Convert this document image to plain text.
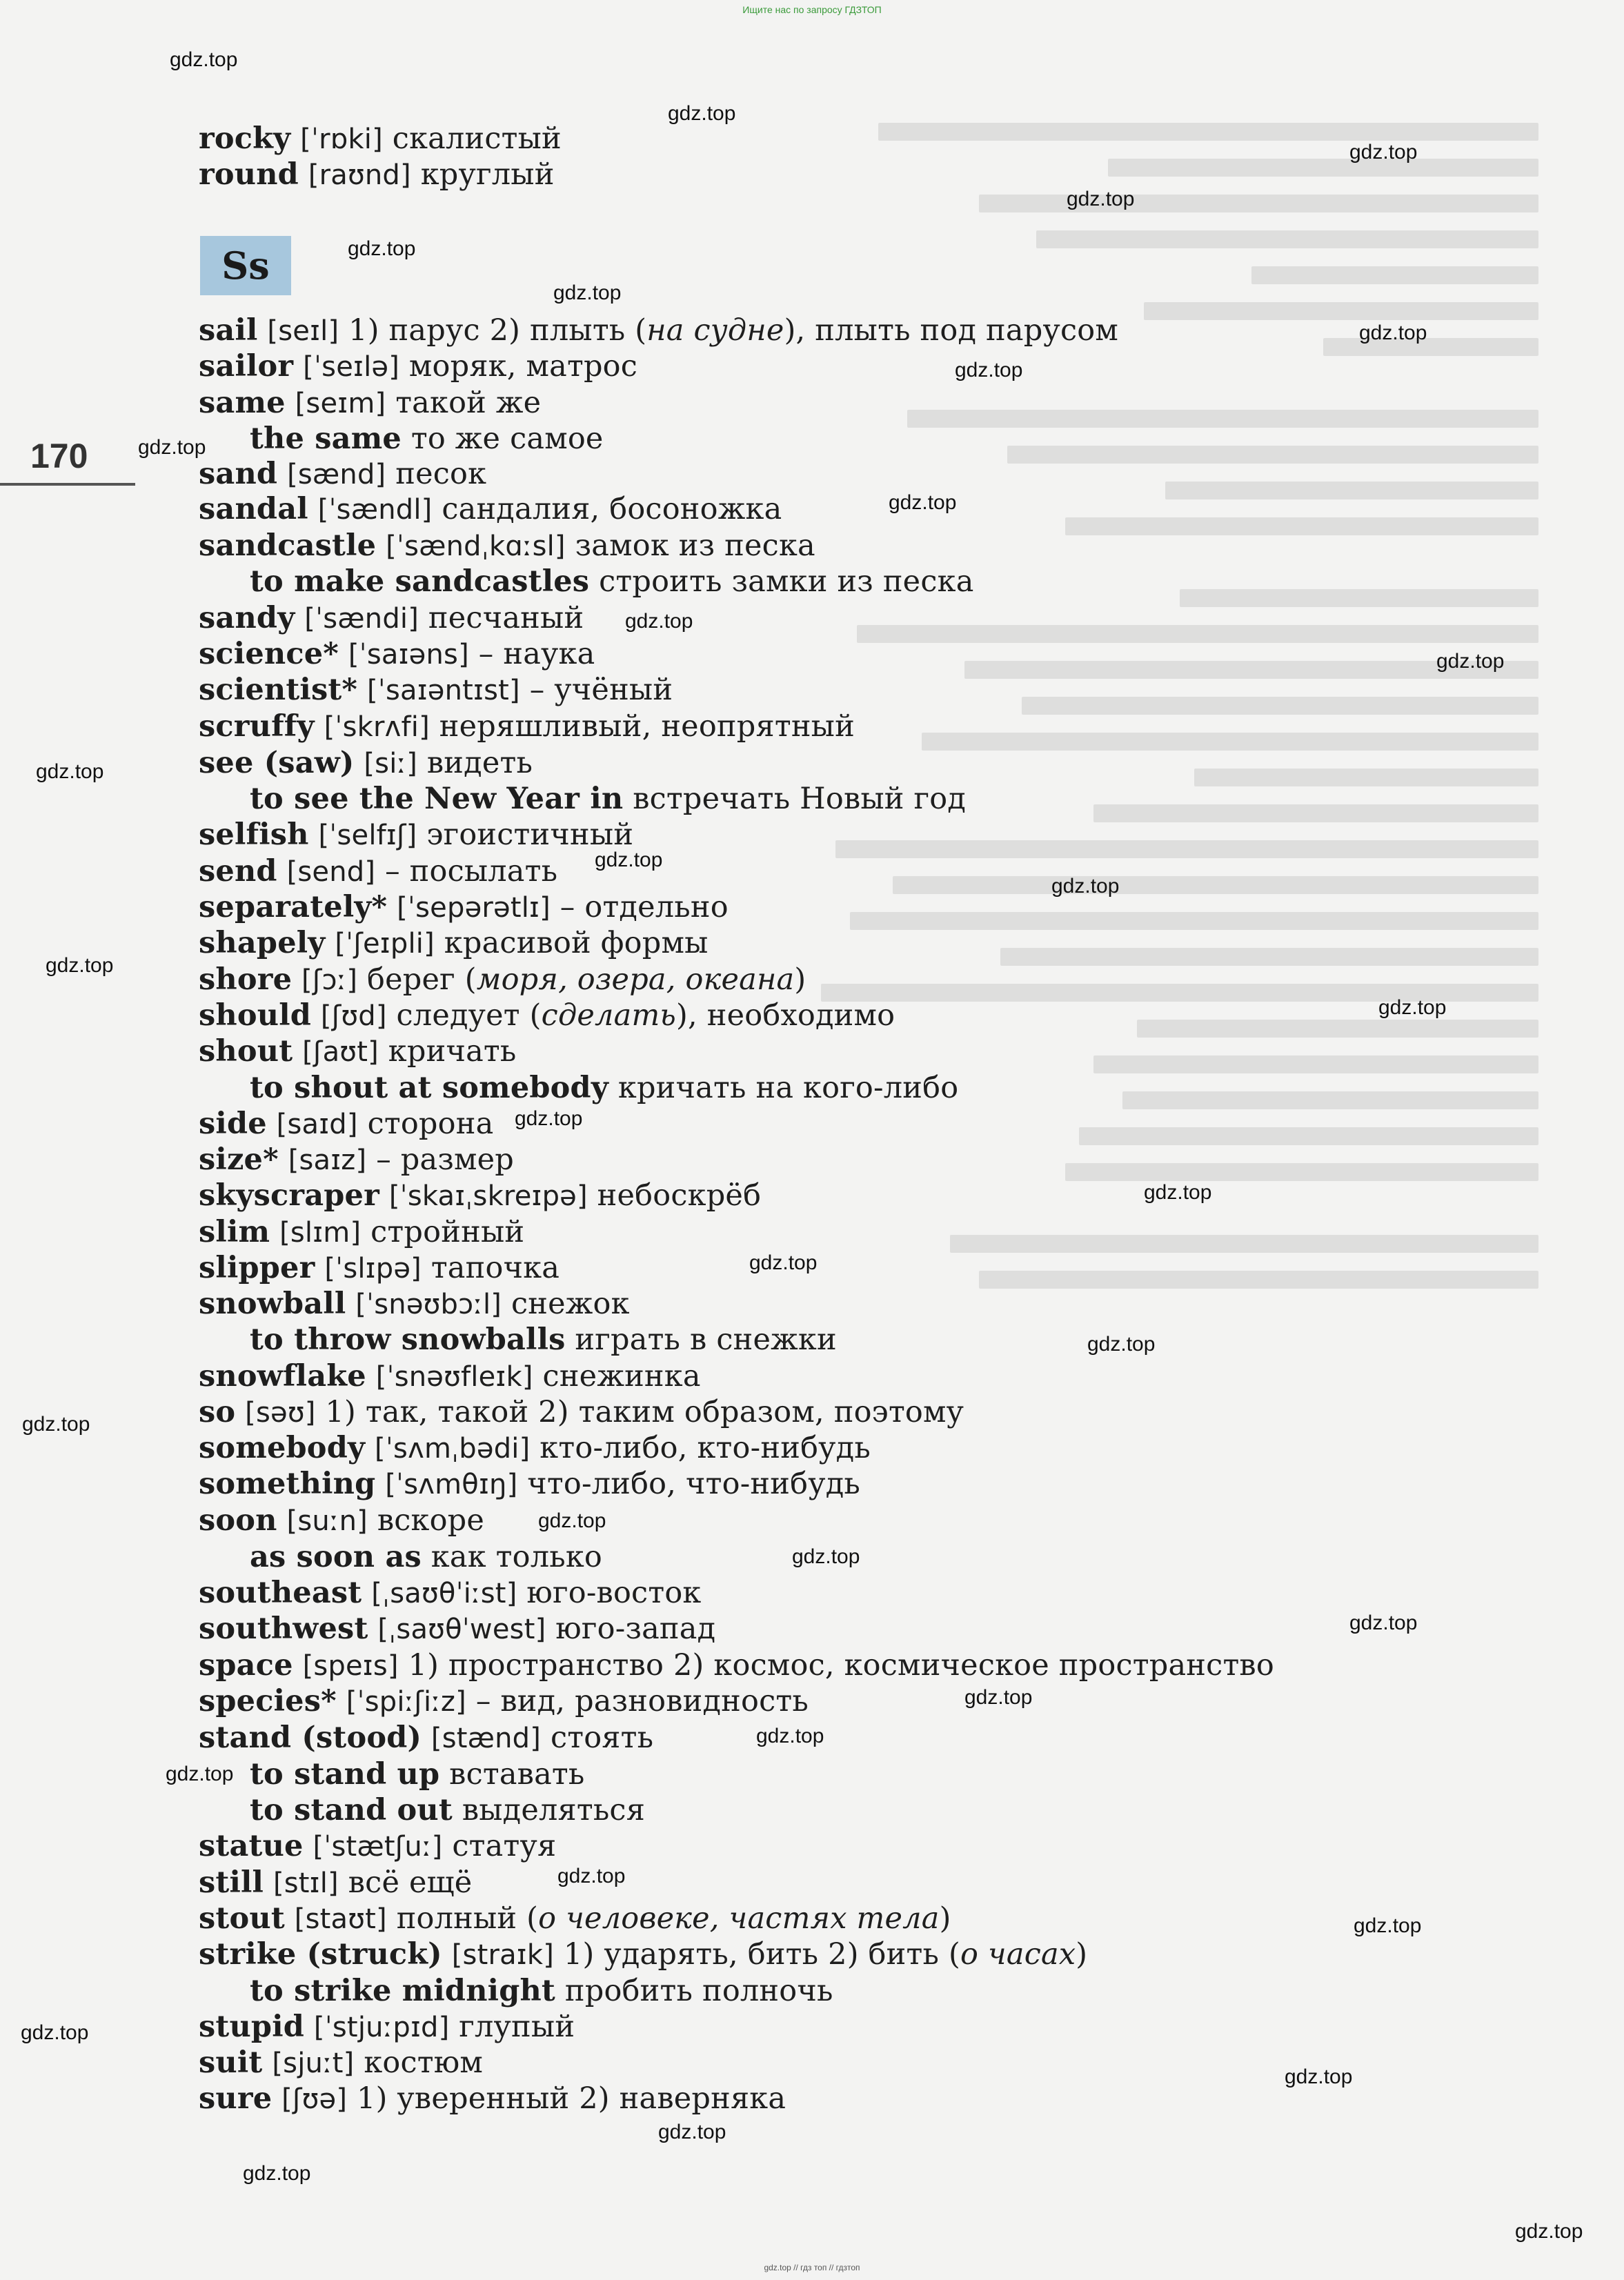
Ищите нас по запросу ГДЗТОП
170
Ss
rocky [ˈrɒki] скалистый
round [raʊnd] круглый
sail [seɪl] 1) парус 2) плыть (на судне), плыть под парусом
sailor [ˈseɪlə] моряк, матрос
same [seɪm] такой же
the same то же самое
sand [sænd] песок
sandal [ˈsændl] сандалия, босоножка
sandcastle [ˈsændˌkɑːsl] замок из песка
to make sandcastles строить замки из песка
sandy [ˈsændi] песчаный
science* [ˈsaɪəns] – наука
scientist* [ˈsaɪəntɪst] – учёный
scruffy [ˈskrʌfi] неряшливый, неопрятный
see (saw) [siː] видеть
to see the New Year in встречать Новый год
selfish [ˈselfɪʃ] эгоистичный
send [send] – посылать
separately* [ˈsepərətlɪ] – отдельно
shapely [ˈʃeɪpli] красивой формы
shore [ʃɔː] берег (моря, озера, океана)
should [ʃʊd] следует (сделать), необходимо
shout [ʃaʊt] кричать
to shout at somebody кричать на кого-либо
side [saɪd] сторона
size* [saɪz] – размер
skyscraper [ˈskaɪˌskreɪpə] небоскрёб
slim [slɪm] стройный
slipper [ˈslɪpə] тапочка
snowball [ˈsnəʊbɔːl] снежок
to throw snowballs играть в снежки
snowflake [ˈsnəʊfleɪk] снежинка
so [səʊ] 1) так, такой 2) таким образом, поэтому
somebody [ˈsʌmˌbədi] кто-либо, кто-нибудь
something [ˈsʌmθɪŋ] что-либо, что-нибудь
soon [suːn] вскоре
as soon as как только
southeast [ˌsaʊθˈiːst] юго-восток
southwest [ˌsaʊθˈwest] юго-запад
space [speɪs] 1) пространство 2) космос, космическое пространство
species* [ˈspiːʃiːz] – вид, разновидность
stand (stood) [stænd] стоять
to stand up вставать
to stand out выделяться
statue [ˈstætʃuː] статуя
still [stɪl] всё ещё
stout [staʊt] полный (о человеке, частях тела)
strike (struck) [straɪk] 1) ударять, бить 2) бить (о часах)
to strike midnight пробить полночь
stupid [ˈstjuːpɪd] глупый
suit [sjuːt] костюм
sure [ʃʊə] 1) уверенный 2) наверняка
gdz.top
gdz.top
gdz.top
gdz.top
gdz.top
gdz.top
gdz.top
gdz.top
gdz.top
gdz.top
gdz.top
gdz.top
gdz.top
gdz.top
gdz.top
gdz.top
gdz.top
gdz.top
gdz.top
gdz.top
gdz.top
gdz.top
gdz.top
gdz.top
gdz.top
gdz.top
gdz.top
gdz.top
gdz.top
gdz.top
gdz.top
gdz.top
gdz.top
gdz.top
gdz.top
gdz.top // гдз топ // гдзтоп
